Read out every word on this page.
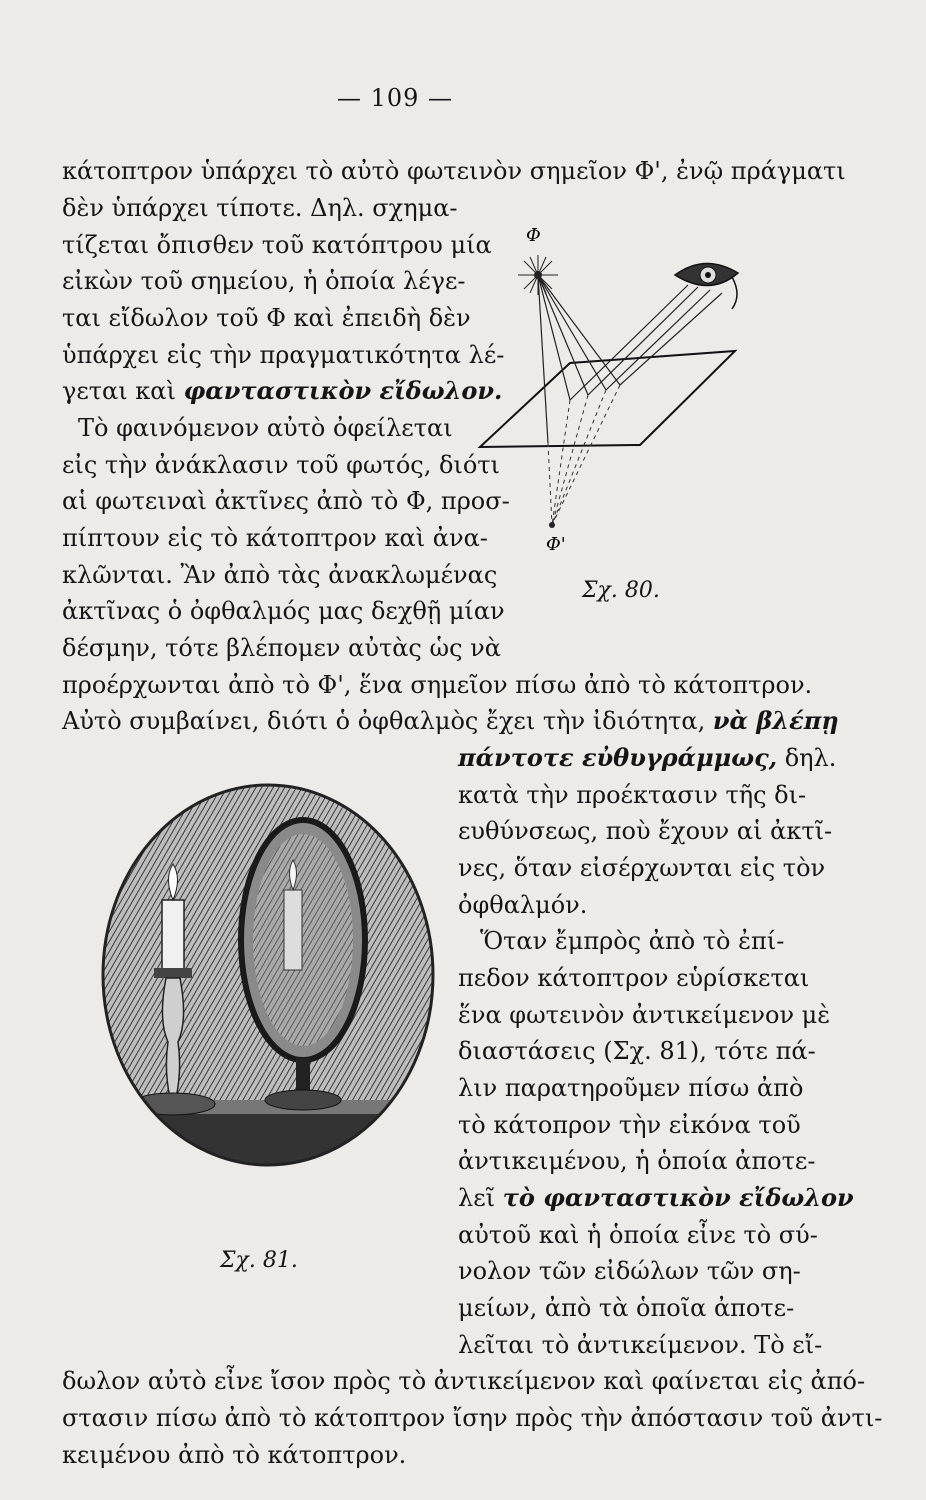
— 109 —
κάτοπτρον ὑπάρχει τὸ αὐτὸ φωτεινὸν σημεῖον Φ', ἐνῷ πράγματι
δὲν ὑπάρχει τίποτε. Δηλ. σχημα-
τίζεται ὄπισθεν τοῦ κατόπτρου μία
εἰκὼν τοῦ σημείου, ἡ ὁποία λέγε-
ται εἴδωλον τοῦ Φ καὶ ἐπειδὴ δὲν
ὑπάρχει εἰς τὴν πραγματικότητα λέ-
γεται καὶ φανταστικὸν εἴδωλον.
Τὸ φαινόμενον αὐτὸ ὀφείλεται
εἰς τὴν ἀνάκλασιν τοῦ φωτός, διότι
αἱ φωτειναὶ ἀκτῖνες ἀπὸ τὸ Φ, προσ-
πίπτουν εἰς τὸ κάτοπτρον καὶ ἀνα-
κλῶνται. Ἂν ἀπὸ τὰς ἀνακλωμένας
ἀκτῖνας ὁ ὀφθαλμός μας δεχθῇ μίαν
δέσμην, τότε βλέπομεν αὐτὰς ὡς νὰ
προέρχωνται ἀπὸ τὸ Φ', ἕνα σημεῖον πίσω ἀπὸ τὸ κάτοπτρον.
Αὐτὸ συμβαίνει, διότι ὁ ὀφθαλμὸς ἔχει τὴν ἰδιότητα, νὰ βλέπῃ
πάντοτε εὐθυγράμμως, δηλ.
κατὰ τὴν προέκτασιν τῆς δι-
ευθύνσεως, ποὺ ἔχουν αἱ ἀκτῖ-
νες, ὅταν εἰσέρχωνται εἰς τὸν
ὀφθαλμόν.
Ὅταν ἔμπρὸς ἀπὸ τὸ ἐπί-
πεδον κάτοπτρον εὑρίσκεται
ἕνα φωτεινὸν ἀντικείμενον μὲ
διαστάσεις (Σχ. 81), τότε πά-
λιν παρατηροῦμεν πίσω ἀπὸ
τὸ κάτοπρον τὴν εἰκόνα τοῦ
ἀντικειμένου, ἡ ὁποία ἀποτε-
λεῖ τὸ φανταστικὸν εἴδωλον
αὐτοῦ καὶ ἡ ὁποία εἶνε τὸ σύ-
νολον τῶν εἰδώλων τῶν ση-
μείων, ἀπὸ τὰ ὁποῖα ἀποτε-
λεῖται τὸ ἀντικείμενον. Τὸ εἴ-
δωλον αὐτὸ εἶνε ἴσον πρὸς τὸ ἀντικείμενον καὶ φαίνεται εἰς ἀπό-
στασιν πίσω ἀπὸ τὸ κάτοπτρον ἴσην πρὸς τὴν ἀπόστασιν τοῦ ἀντι-
κειμένου ἀπὸ τὸ κάτοπτρον.
Φ
Φ'
Σχ. 80.
Σχ. 81.
